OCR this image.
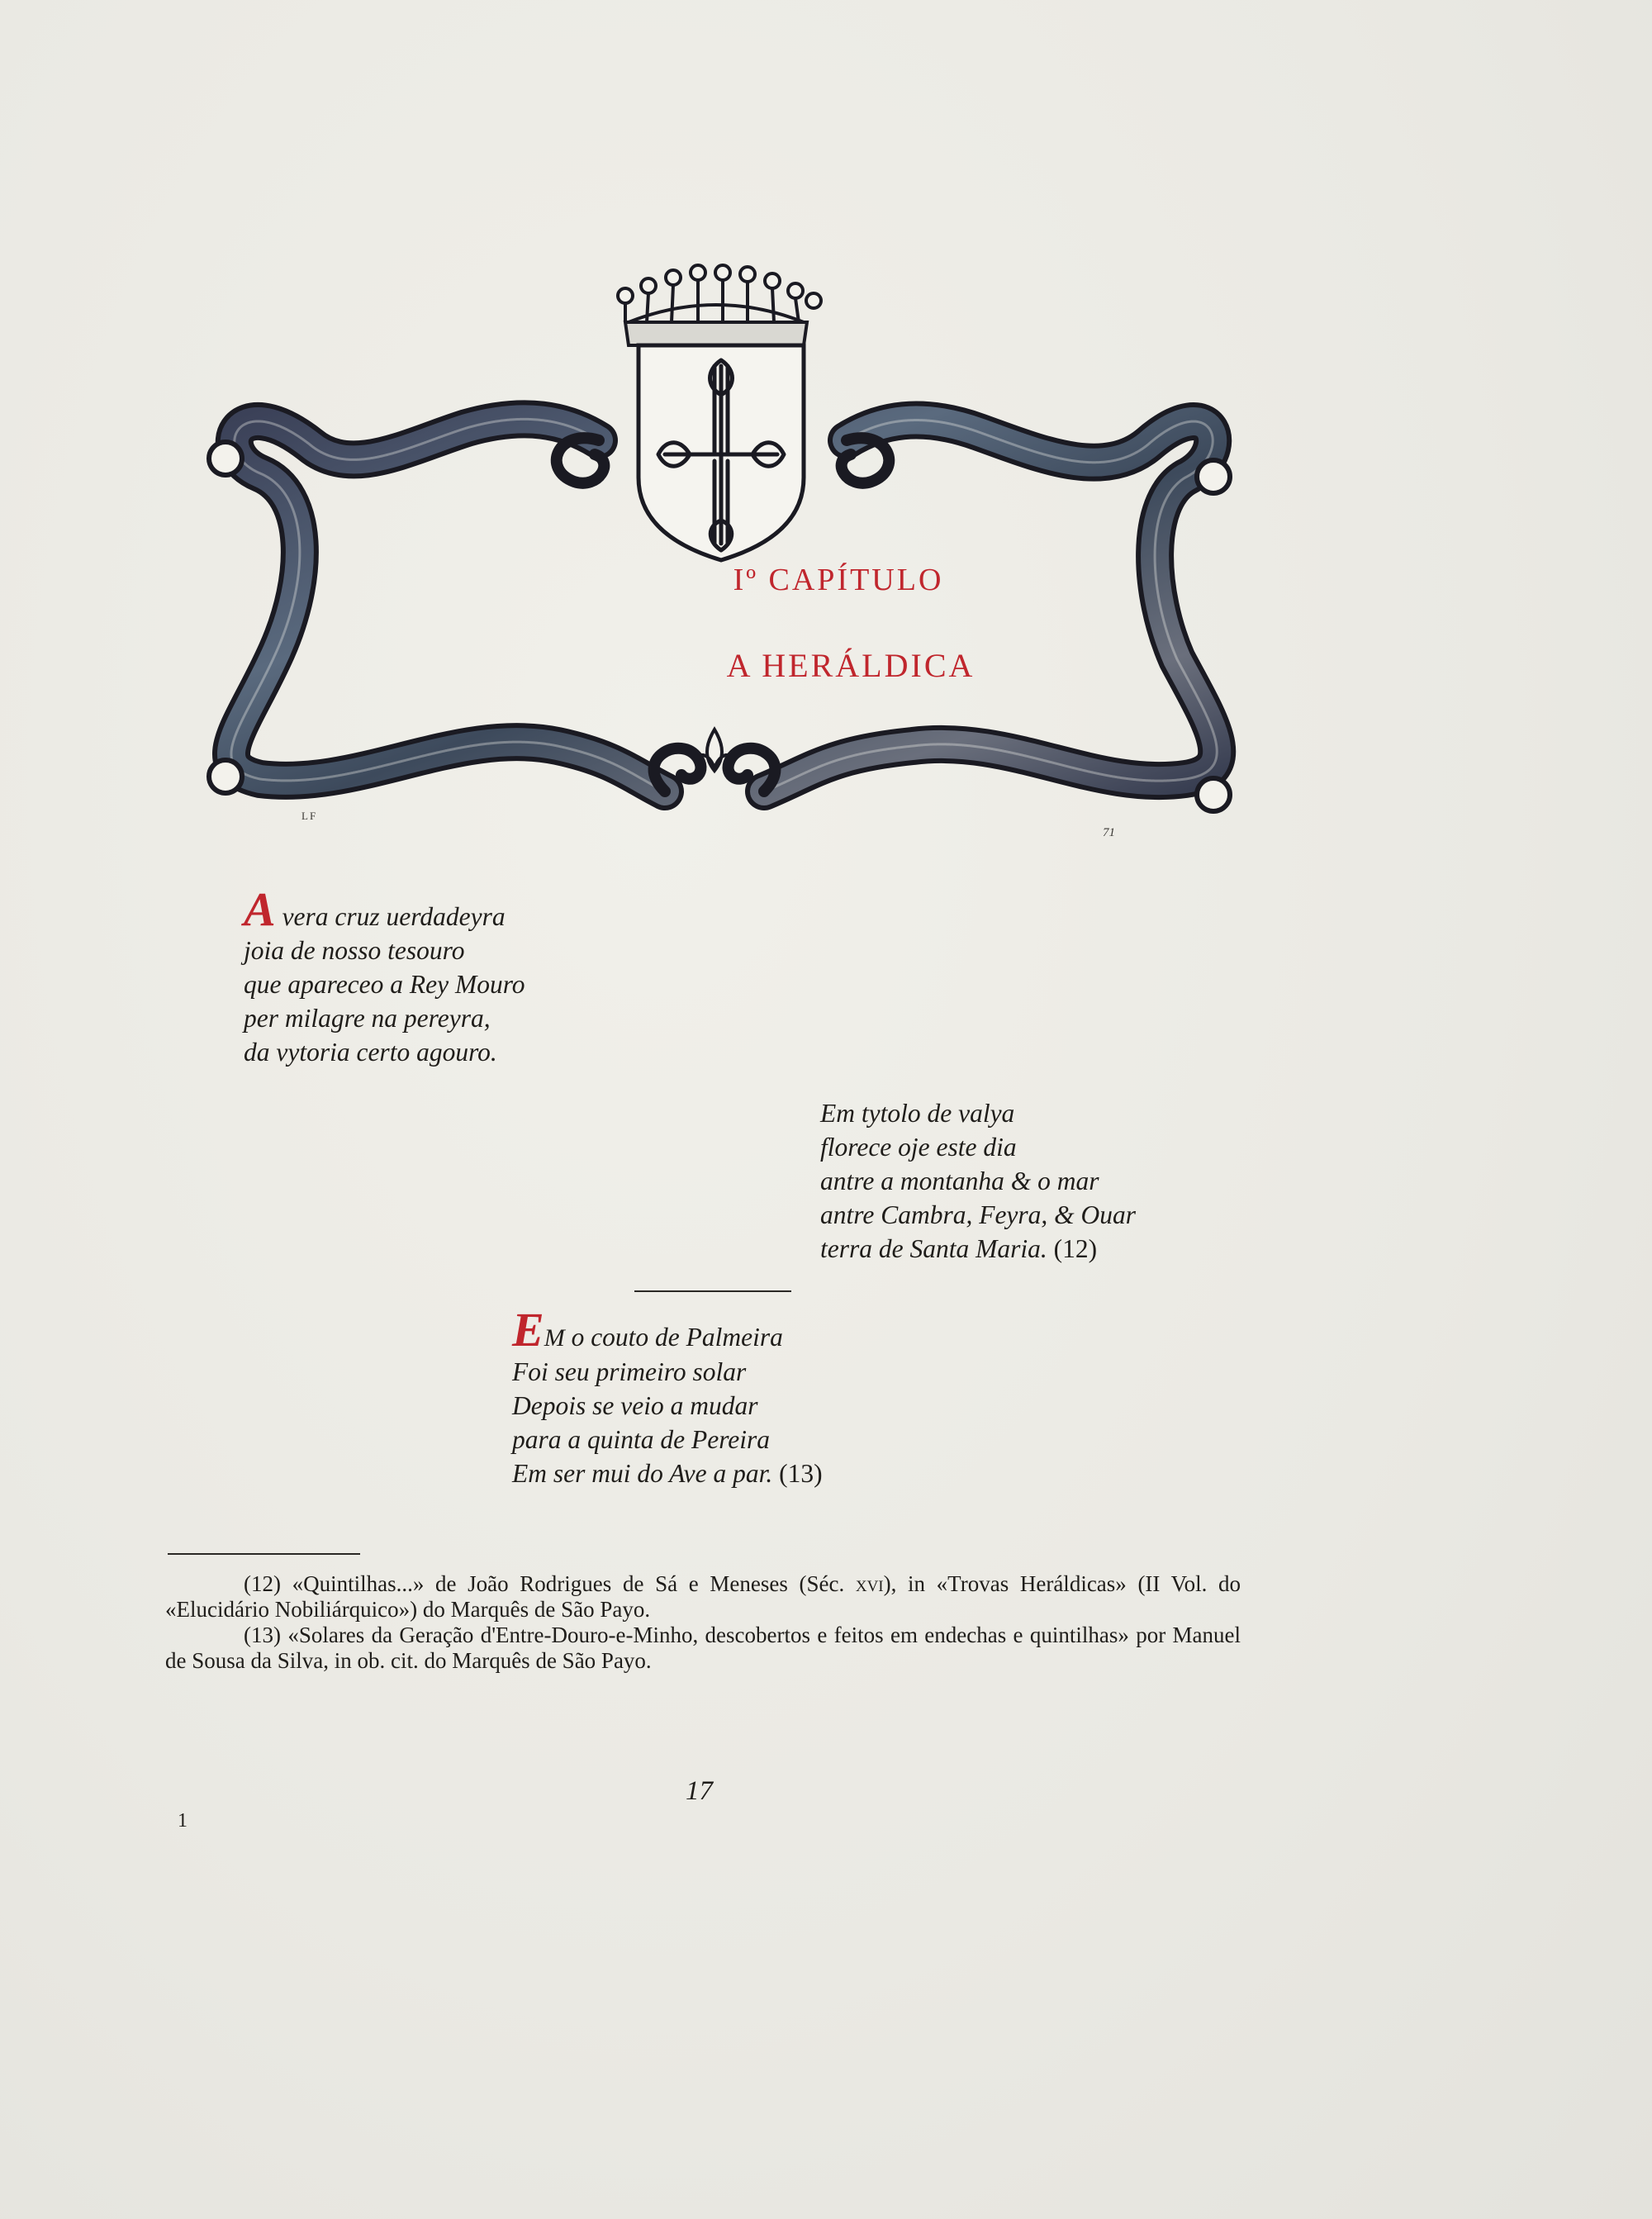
Iº CAPÍTULO
A HERÁLDICA
LF
71
A vera cruz uerdadeyra
joia de nosso tesouro
que apareceo a Rey Mouro
per milagre na pereyra,
da vytoria certo agouro.
Em tytolo de valya
florece oje este dia
antre a montanha & o mar
antre Cambra, Feyra, & Ouar
terra de Santa Maria. (12)
EM o couto de Palmeira
Foi seu primeiro solar
Depois se veio a mudar
para a quinta de Pereira
Em ser mui do Ave a par. (13)
(12) «Quintilhas...» de João Rodrigues de Sá e Meneses (Séc. xvi), in «Trovas Heráldicas» (II Vol. do «Elucidário Nobiliárquico») do Marquês de São Payo.
(13) «Solares da Geração d'Entre-Douro-e-Minho, descobertos e feitos em endechas e quintilhas» por Manuel de Sousa da Silva, in ob. cit. do Marquês de São Payo.
17
1
